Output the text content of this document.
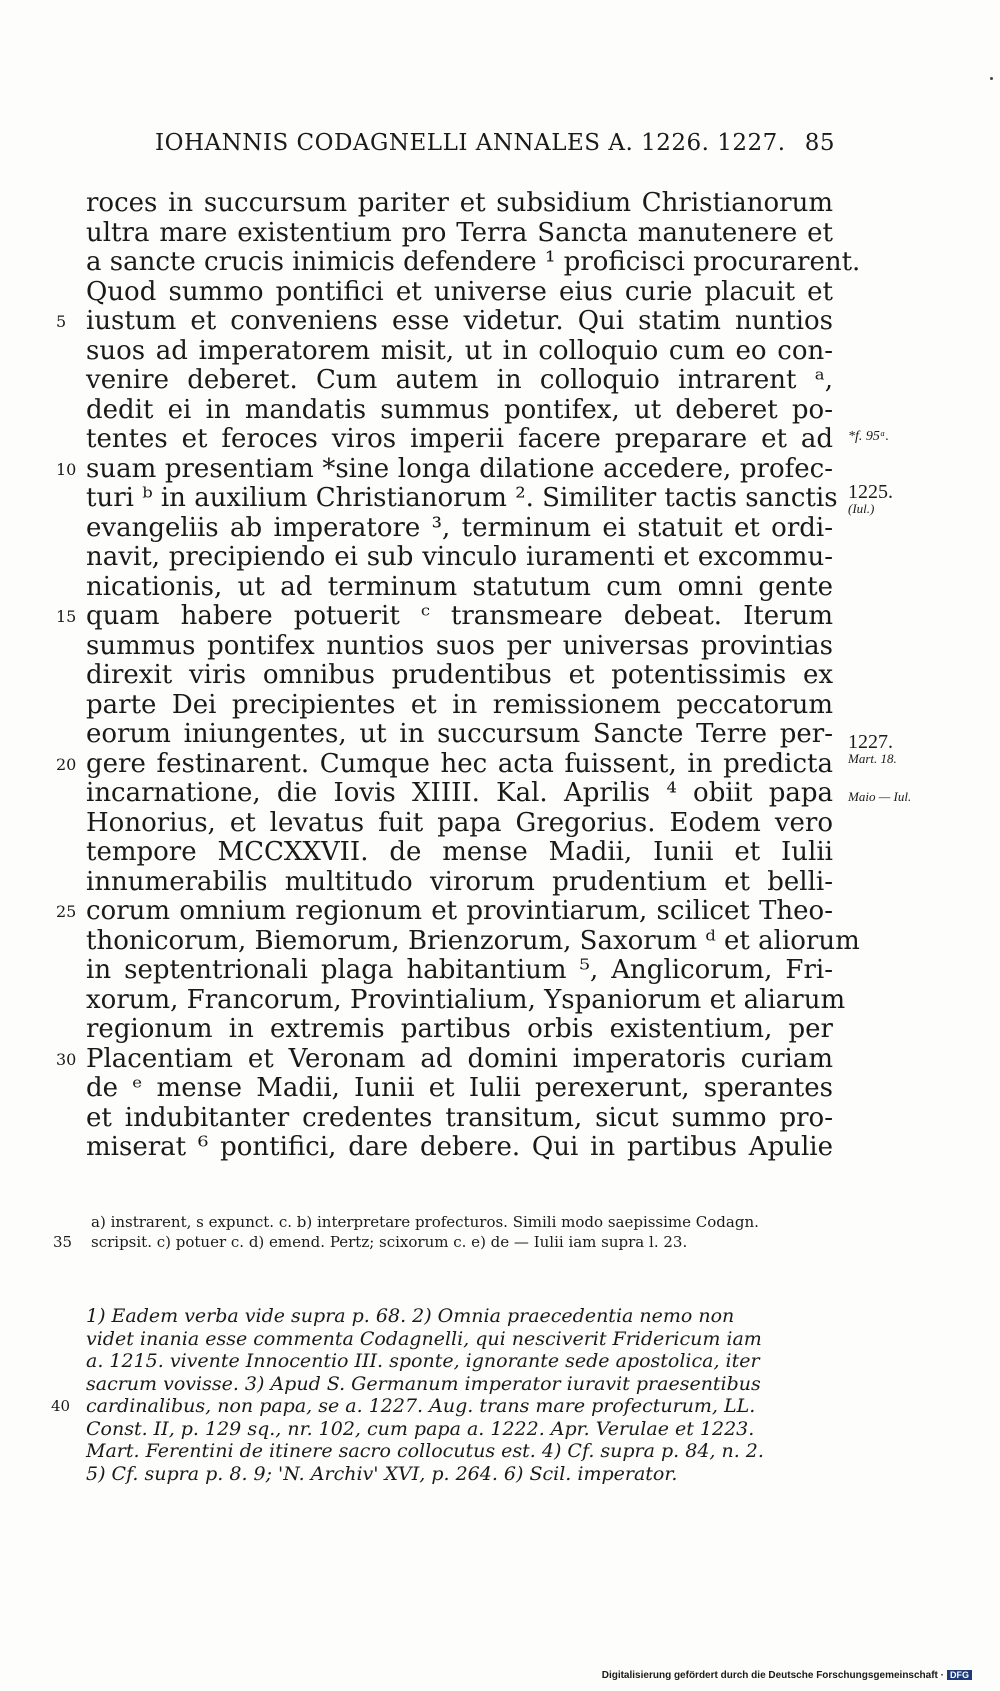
IOHANNIS CODAGNELLI ANNALES A. 1226. 1227. 85
roces in succursum pariter et subsidium Christianorum
ultra mare existentium pro Terra Sancta manutenere et
a sancte crucis inimicis defendere ¹ proficisci procurarent.
Quod summo pontifici et universe eius curie placuit et
5 iustum et conveniens esse videtur. Qui statim nuntios
suos ad imperatorem misit, ut in colloquio cum eo con-
venire deberet. Cum autem in colloquio intrarent ᵃ,
dedit ei in mandatis summus pontifex, ut deberet po-
tentes et feroces viros imperii facere preparare et ad
10 suam presentiam *sine longa dilatione accedere, profec-
turi ᵇ in auxilium Christianorum ². Similiter tactis sanctis
evangeliis ab imperatore ³, terminum ei statuit et ordi-
navit, precipiendo ei sub vinculo iuramenti et excommu-
nicationis, ut ad terminum statutum cum omni gente
15 quam habere potuerit ᶜ transmeare debeat. Iterum
summus pontifex nuntios suos per universas provintias
direxit viris omnibus prudentibus et potentissimis ex
parte Dei precipientes et in remissionem peccatorum
eorum iniungentes, ut in succursum Sancte Terre per-
20 gere festinarent. Cumque hec acta fuissent, in predicta
incarnatione, die Iovis XIIII. Kal. Aprilis ⁴ obiit papa
Honorius, et levatus fuit papa Gregorius. Eodem vero
tempore MCCXXVII. de mense Madii, Iunii et Iulii
innumerabilis multitudo virorum prudentium et belli-
25 corum omnium regionum et provintiarum, scilicet Theo-
thonicorum, Biemorum, Brienzorum, Saxorum ᵈ et aliorum
in septentrionali plaga habitantium ⁵, Anglicorum, Fri-
xorum, Francorum, Provintialium, Yspaniorum et aliarum
regionum in extremis partibus orbis existentium, per
30 Placentiam et Veronam ad domini imperatoris curiam
de ᵉ mense Madii, Iunii et Iulii perexerunt, sperantes
et indubitanter credentes transitum, sicut summo pro-
miserat ⁶ pontifici, dare debere. Qui in partibus Apulie
*f. 95ᵃ.
1225.
(Iul.)
1227.
Mart. 18.
Maio — Iul.
a) instrarent, s expunct. c. b) interpretare profecturos. Simili modo saepissime Codagn.
35 scripsit. c) potuer c. d) emend. Pertz; scixorum c. e) de — Iulii iam supra l. 23.
1) Eadem verba vide supra p. 68. 2) Omnia praecedentia nemo non
videt inania esse commenta Codagnelli, qui nesciverit Fridericum iam
a. 1215. vivente Innocentio III. sponte, ignorante sede apostolica, iter
sacrum vovisse. 3) Apud S. Germanum imperator iuravit praesentibus
40 cardinalibus, non papa, se a. 1227. Aug. trans mare profecturum, LL.
Const. II, p. 129 sq., nr. 102, cum papa a. 1222. Apr. Verulae et 1223.
Mart. Ferentini de itinere sacro collocutus est. 4) Cf. supra p. 84, n. 2.
5) Cf. supra p. 8. 9; 'N. Archiv' XVI, p. 264. 6) Scil. imperator.
Digitalisierung gefördert durch die Deutsche Forschungsgemeinschaft · DFG
